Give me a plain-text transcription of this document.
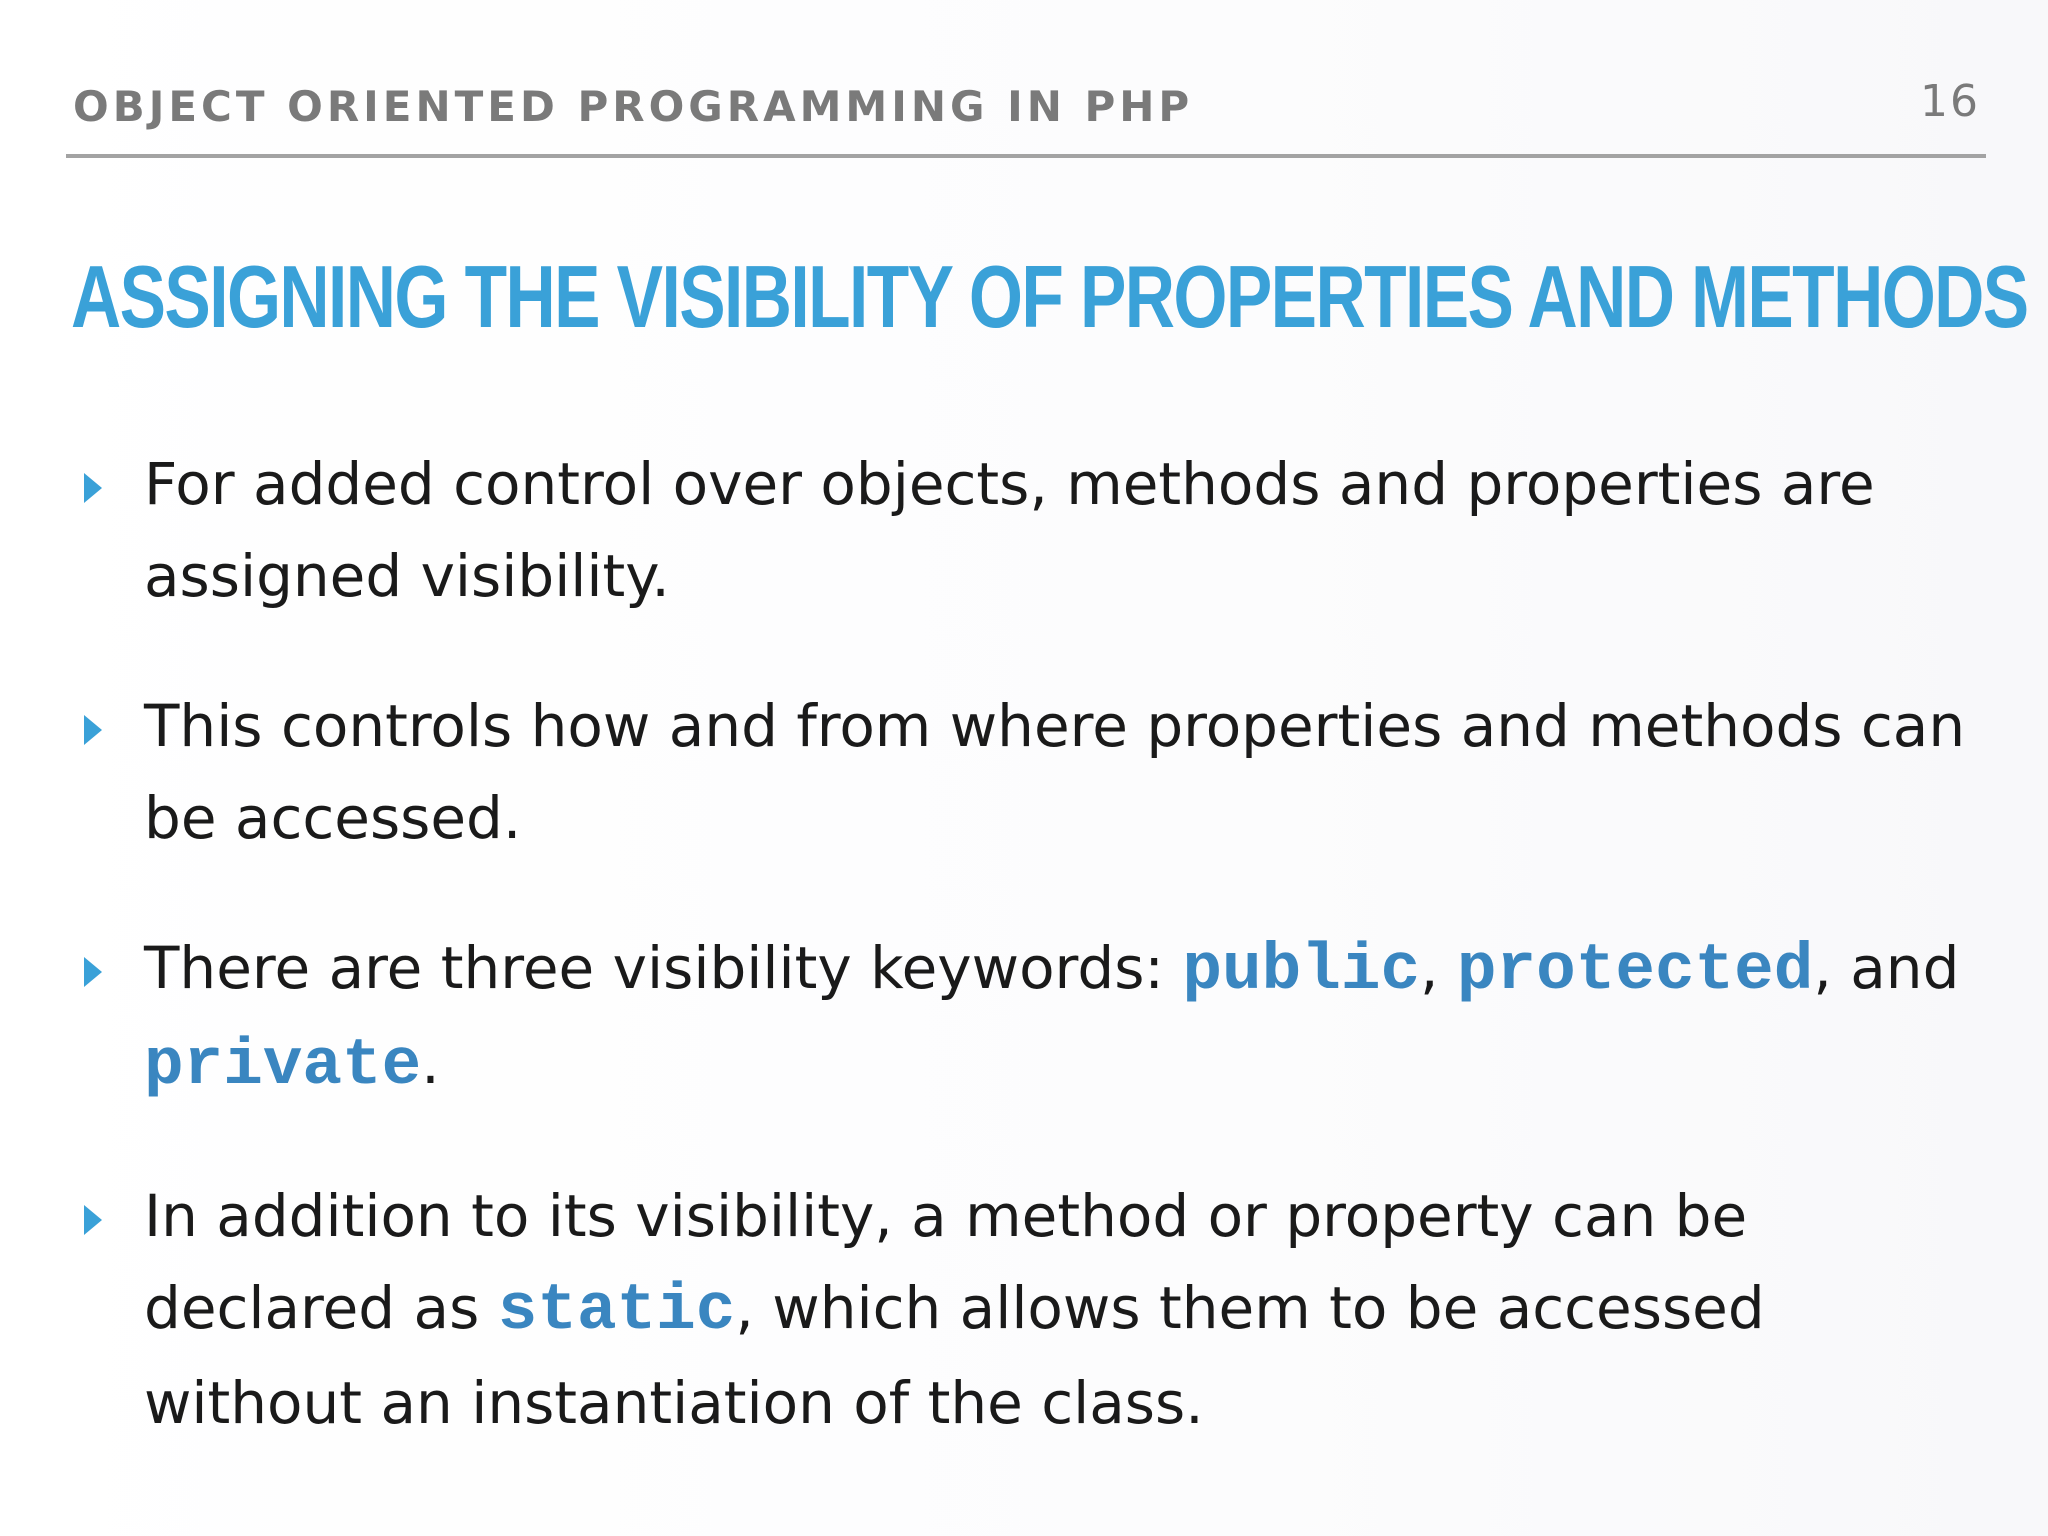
OBJECT ORIENTED PROGRAMMING IN PHP	16
ASSIGNING THE VISIBILITY OF PROPERTIES AND METHODS
For added control over objects, methods and properties are assigned visibility.
This controls how and from where properties and methods can be accessed.
There are three visibility keywords: public, protected, and private.
In addition to its visibility, a method or property can be declared as static, which allows them to be accessed without an instantiation of the class.
